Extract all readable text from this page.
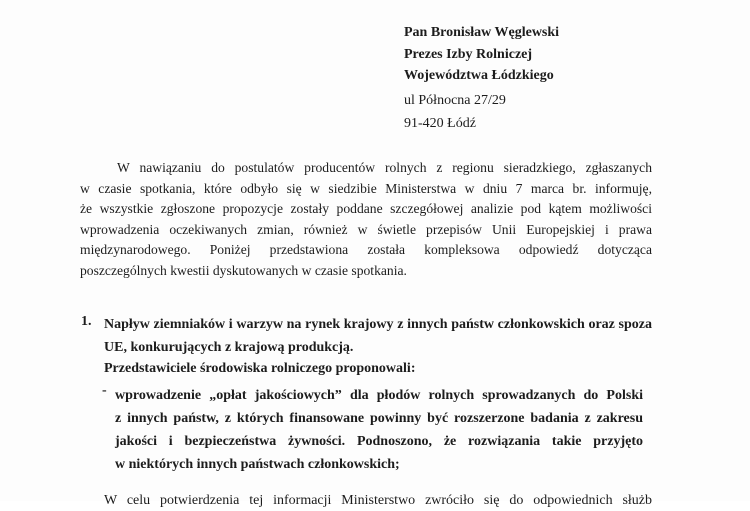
Pan Bronisław Węglewski
Prezes Izby Rolniczej
Województwa Łódzkiego
ul Północna 27/29
91-420 Łódź
W nawiązaniu do postulatów producentów rolnych z regionu sieradzkiego, zgłaszanych
w czasie spotkania, które odbyło się w siedzibie Ministerstwa w dniu 7 marca br. informuję,
że wszystkie zgłoszone propozycje zostały poddane szczegółowej analizie pod kątem możliwości
wprowadzenia oczekiwanych zmian, również w świetle przepisów Unii Europejskiej i prawa
międzynarodowego. Poniżej przedstawiona została kompleksowa odpowiedź dotycząca
poszczególnych kwestii dyskutowanych w czasie spotkania.
1. Napływ ziemniaków i warzyw na rynek krajowy z innych państw członkowskich oraz spoza
UE, konkurujących z krajową produkcją.
Przedstawiciele środowiska rolniczego proponowali:
- wprowadzenie „opłat jakościowych” dla płodów rolnych sprowadzanych do Polski
z innych państw, z których finansowane powinny być rozszerzone badania z zakresu
jakości i bezpieczeństwa żywności. Podnoszono, że rozwiązania takie przyjęto
w niektórych innych państwach członkowskich;
W celu potwierdzenia tej informacji Ministerstwo zwróciło się do odpowiednich służb
